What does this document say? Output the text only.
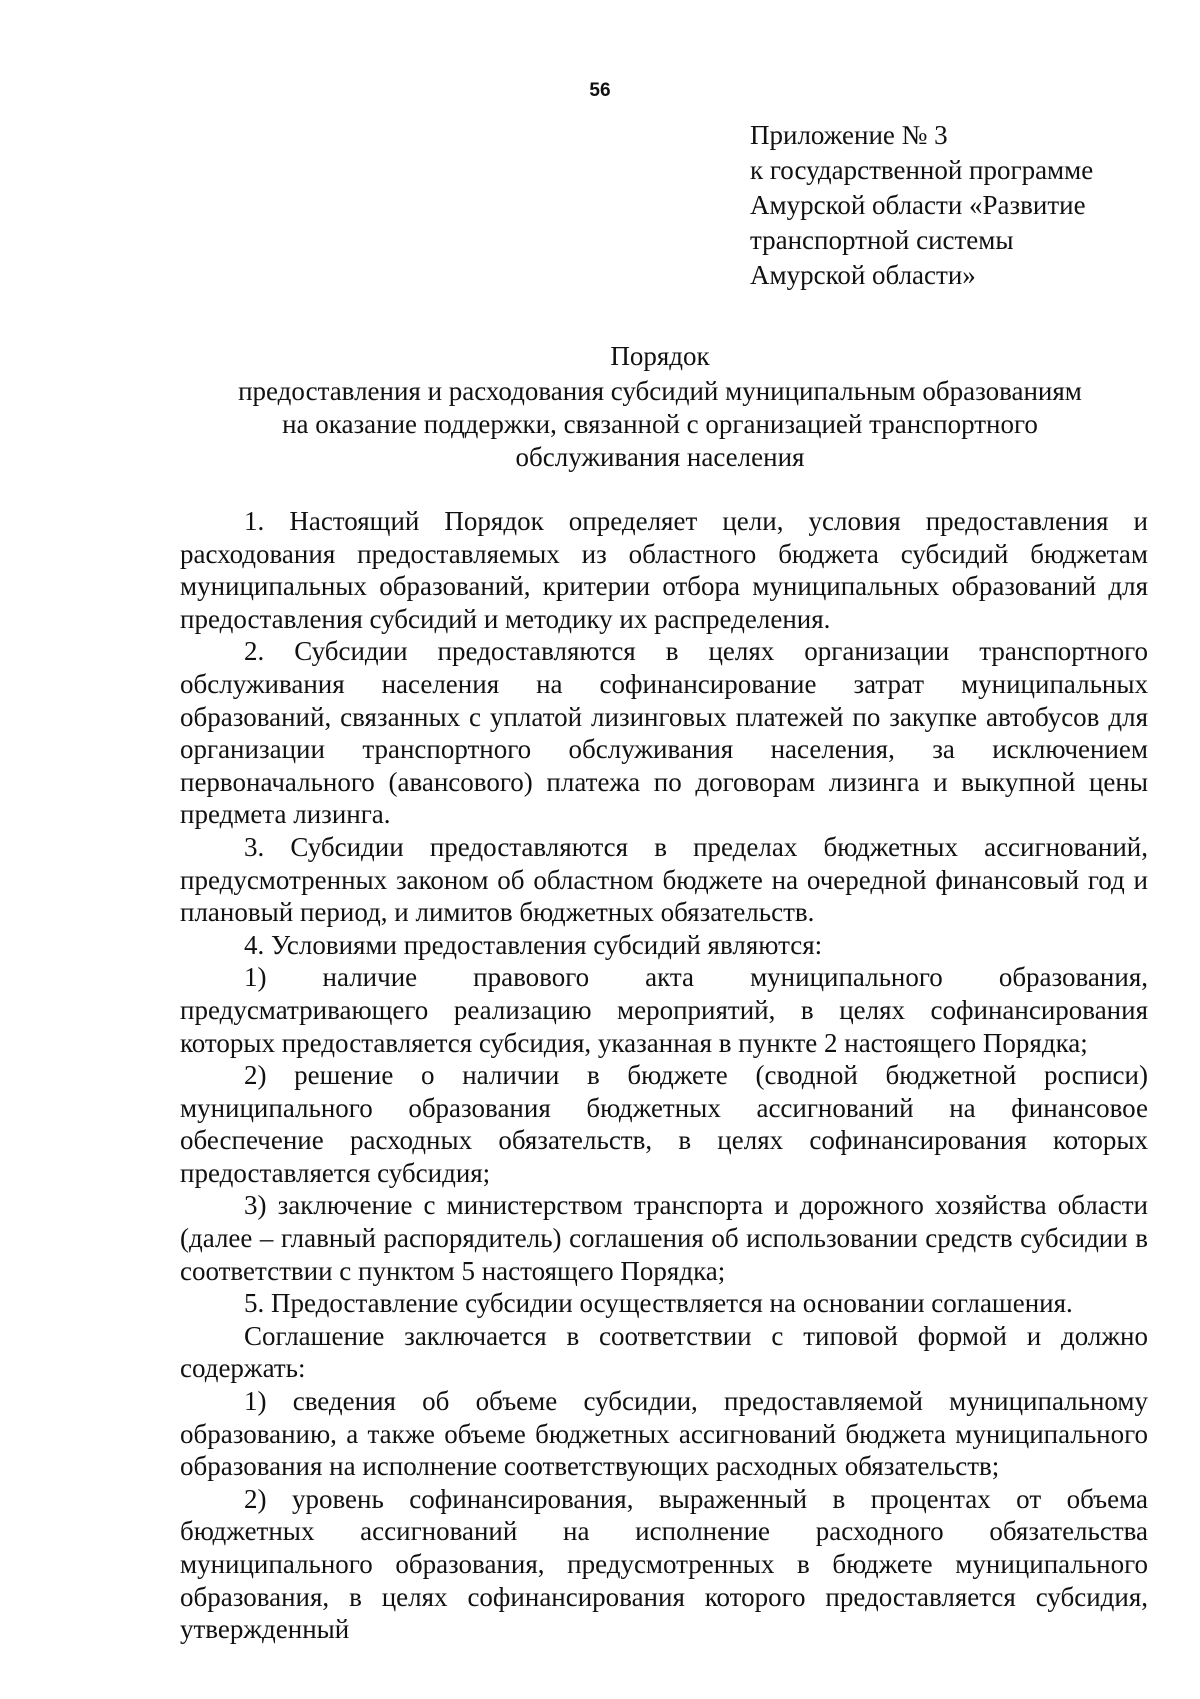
56
Приложение № 3
к государственной программе
Амурской области «Развитие
транспортной системы
Амурской области»
Порядок
предоставления и расходования субсидий муниципальным образованиям
на оказание поддержки, связанной с организацией транспортного
обслуживания населения

1. Настоящий Порядок определяет цели, условия предоставления и расходования предоставляемых из областного бюджета субсидий бюджетам муниципальных образований, критерии отбора муниципальных образований для предоставления субсидий и методику их распределения.

2. Субсидии предоставляются в целях организации транспортного обслуживания населения на софинансирование затрат муниципальных образований, связанных с уплатой лизинговых платежей по закупке автобусов для организации транспортного обслуживания населения, за исключением первоначального (авансового) платежа по договорам лизинга и выкупной цены предмета лизинга.

3. Субсидии предоставляются в пределах бюджетных ассигнований, предусмотренных законом об областном бюджете на очередной финансовый год и плановый период, и лимитов бюджетных обязательств.

4. Условиями предоставления субсидий являются:

1) наличие правового акта муниципального образования, предусматривающего реализацию мероприятий, в целях софинансирования которых предоставляется субсидия, указанная в пункте 2 настоящего Порядка;

2) решение о наличии в бюджете (сводной бюджетной росписи) муниципального образования бюджетных ассигнований на финансовое обеспечение расходных обязательств, в целях софинансирования которых предоставляется субсидия;

3) заключение с министерством транспорта и дорожного хозяйства области (далее – главный распорядитель) соглашения об использовании средств субсидии в соответствии с пунктом 5 настоящего Порядка;

5. Предоставление субсидии осуществляется на основании соглашения.

Соглашение заключается в соответствии с типовой формой и должно содержать:

1) сведения об объеме субсидии, предоставляемой муниципальному образованию, а также объеме бюджетных ассигнований бюджета муниципального образования на исполнение соответствующих расходных обязательств;

2) уровень софинансирования, выраженный в процентах от объема бюджетных ассигнований на исполнение расходного обязательства муниципального образования, предусмотренных в бюджете муниципального образования, в целях софинансирования которого предоставляется субсидия, утвержденный
